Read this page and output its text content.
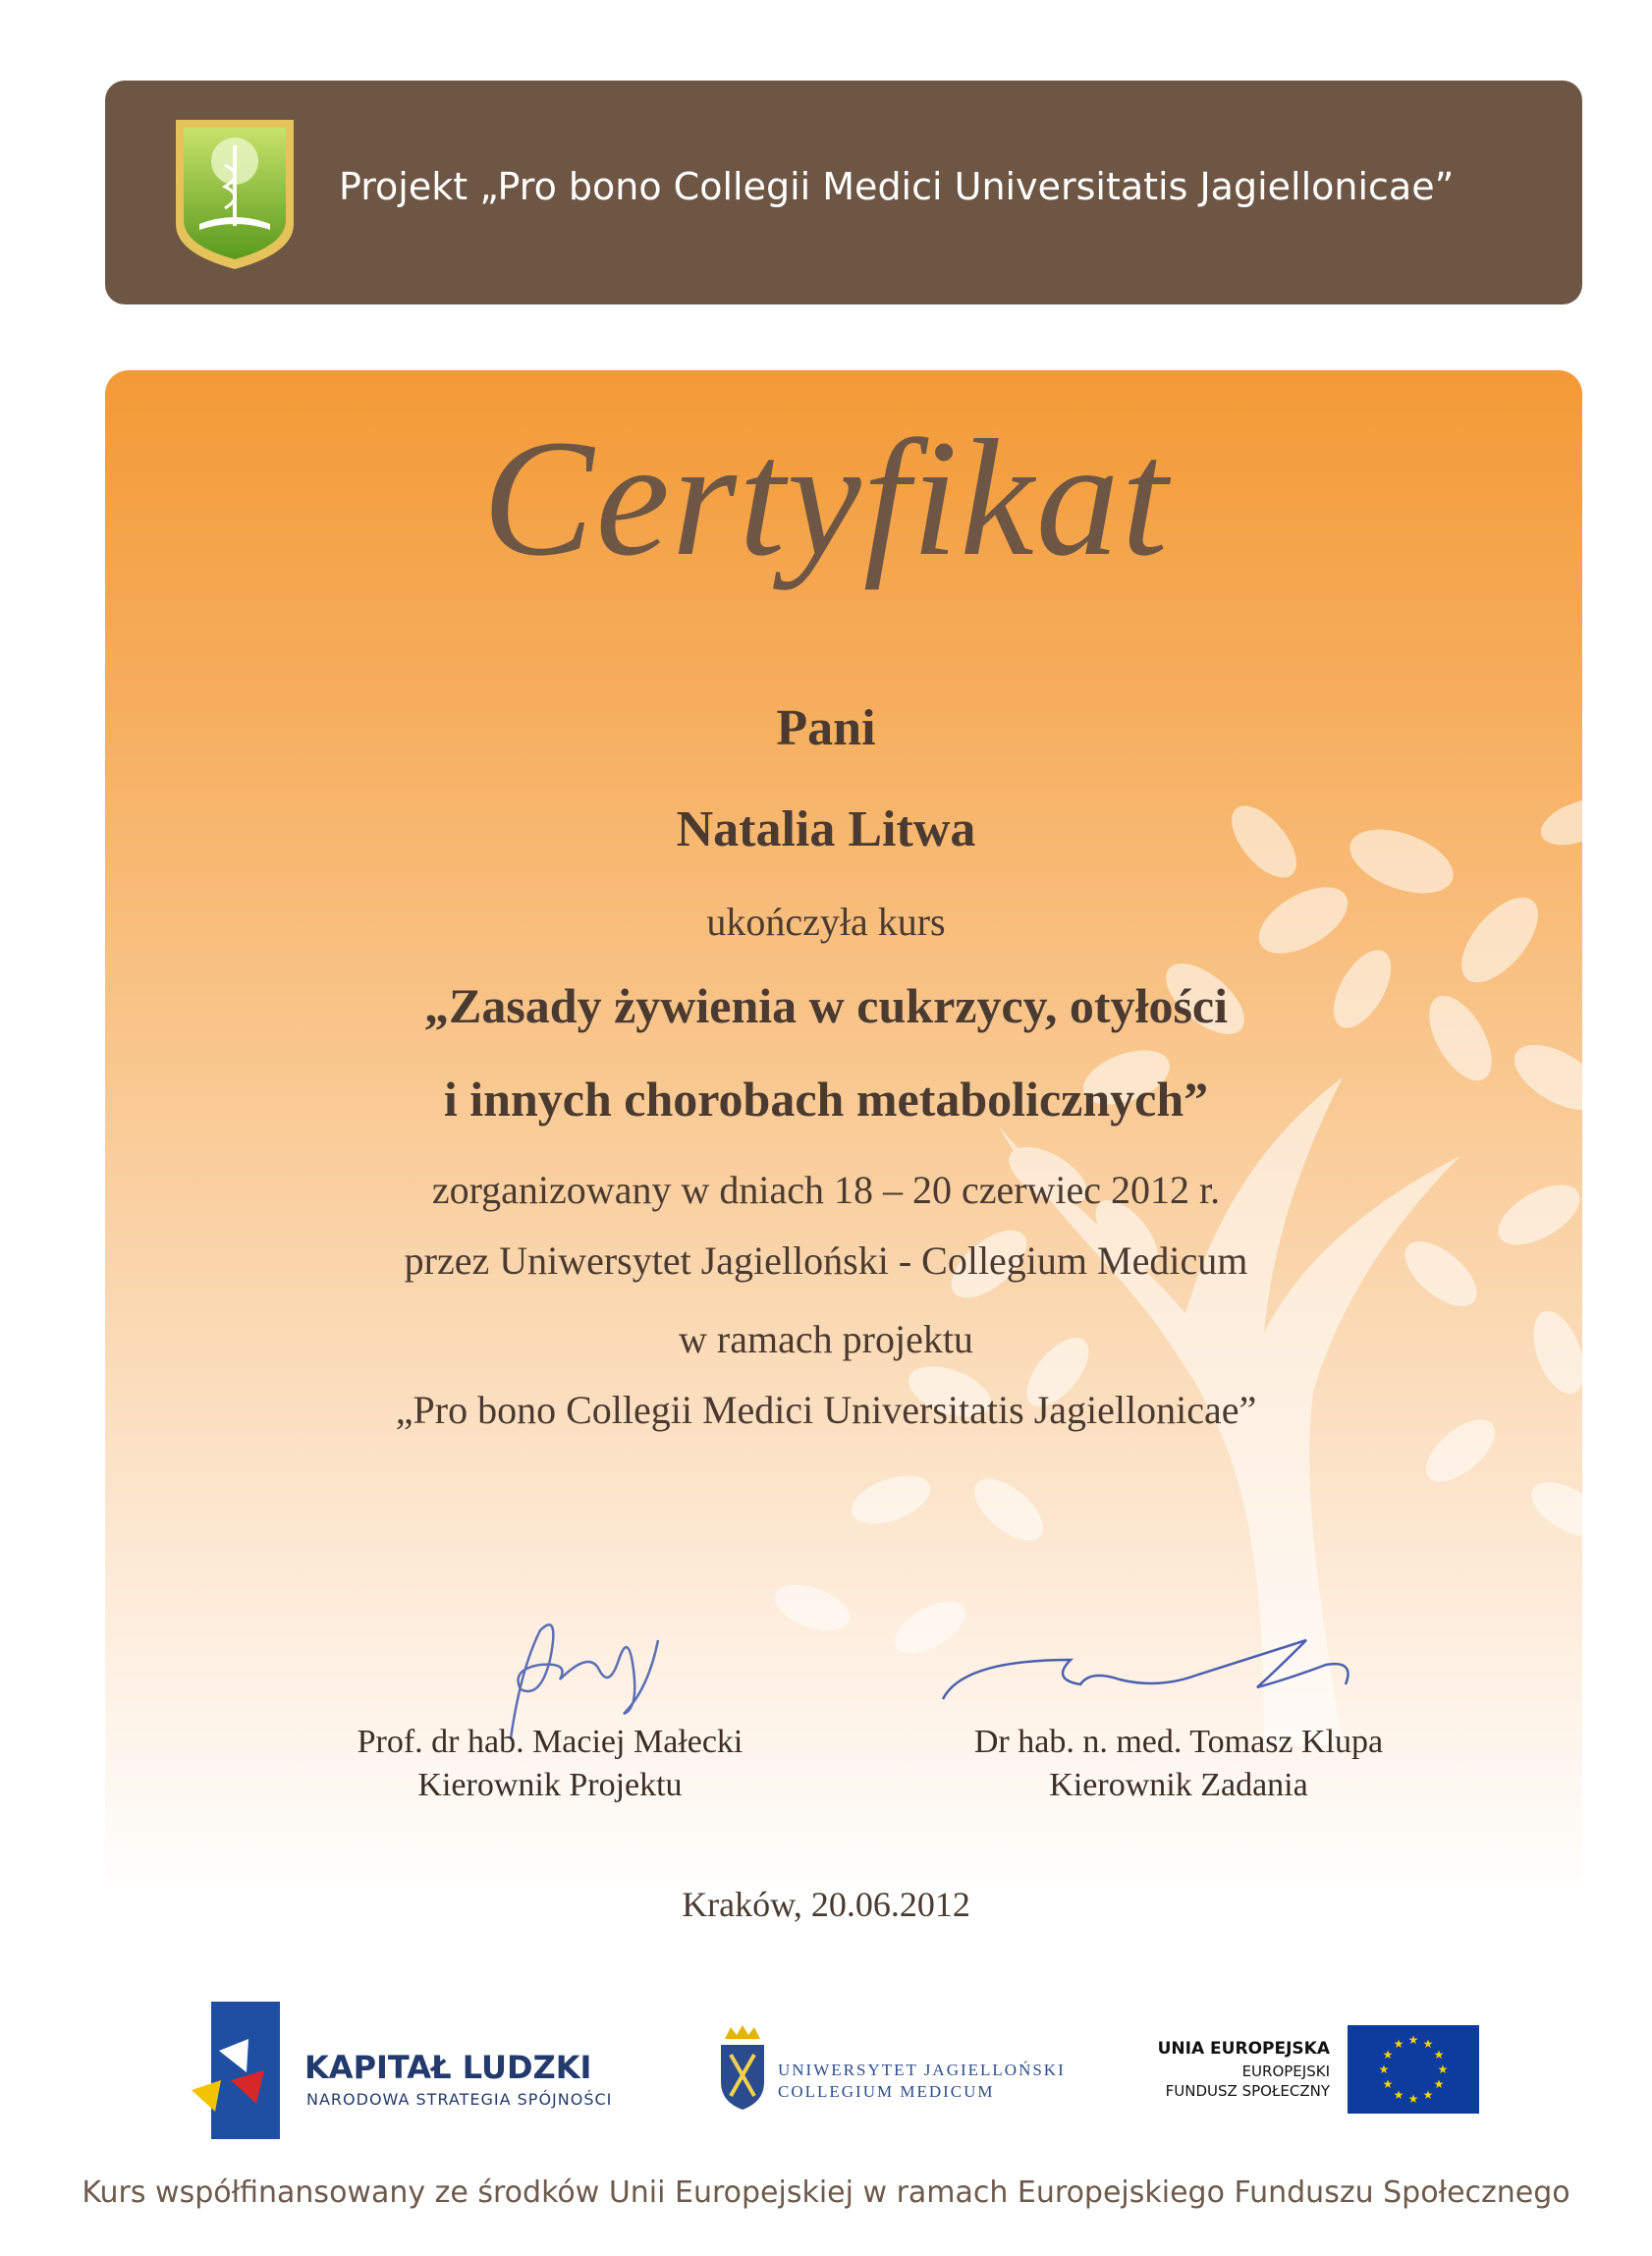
Projekt „Pro bono Collegii Medici Universitatis Jagiellonicae”
Certyfikat
Pani
Natalia Litwa
ukończyła kurs
„Zasady żywienia w cukrzycy, otyłości
i innych chorobach metabolicznych”
zorganizowany w dniach 18 – 20 czerwiec 2012 r.
przez Uniwersytet Jagielloński - Collegium Medicum
w ramach projektu
„Pro bono Collegii Medici Universitatis Jagiellonicae”
Prof. dr hab. Maciej Małecki
Kierownik Projektu
Dr hab. n. med. Tomasz Klupa
Kierownik Zadania
Kraków, 20.06.2012
KAPITAŁ LUDZKI
NARODOWA STRATEGIA SPÓJNOŚCI
UNIWERSYTET JAGIELLOŃSKI
COLLEGIUM MEDICUM
UNIA EUROPEJSKA
EUROPEJSKI
FUNDUSZ SPOŁECZNY
★ ★
★
★
★
★
★
★
★
★
★
★
Kurs współfinansowany ze środków Unii Europejskiej w ramach Europejskiego Funduszu Społecznego
